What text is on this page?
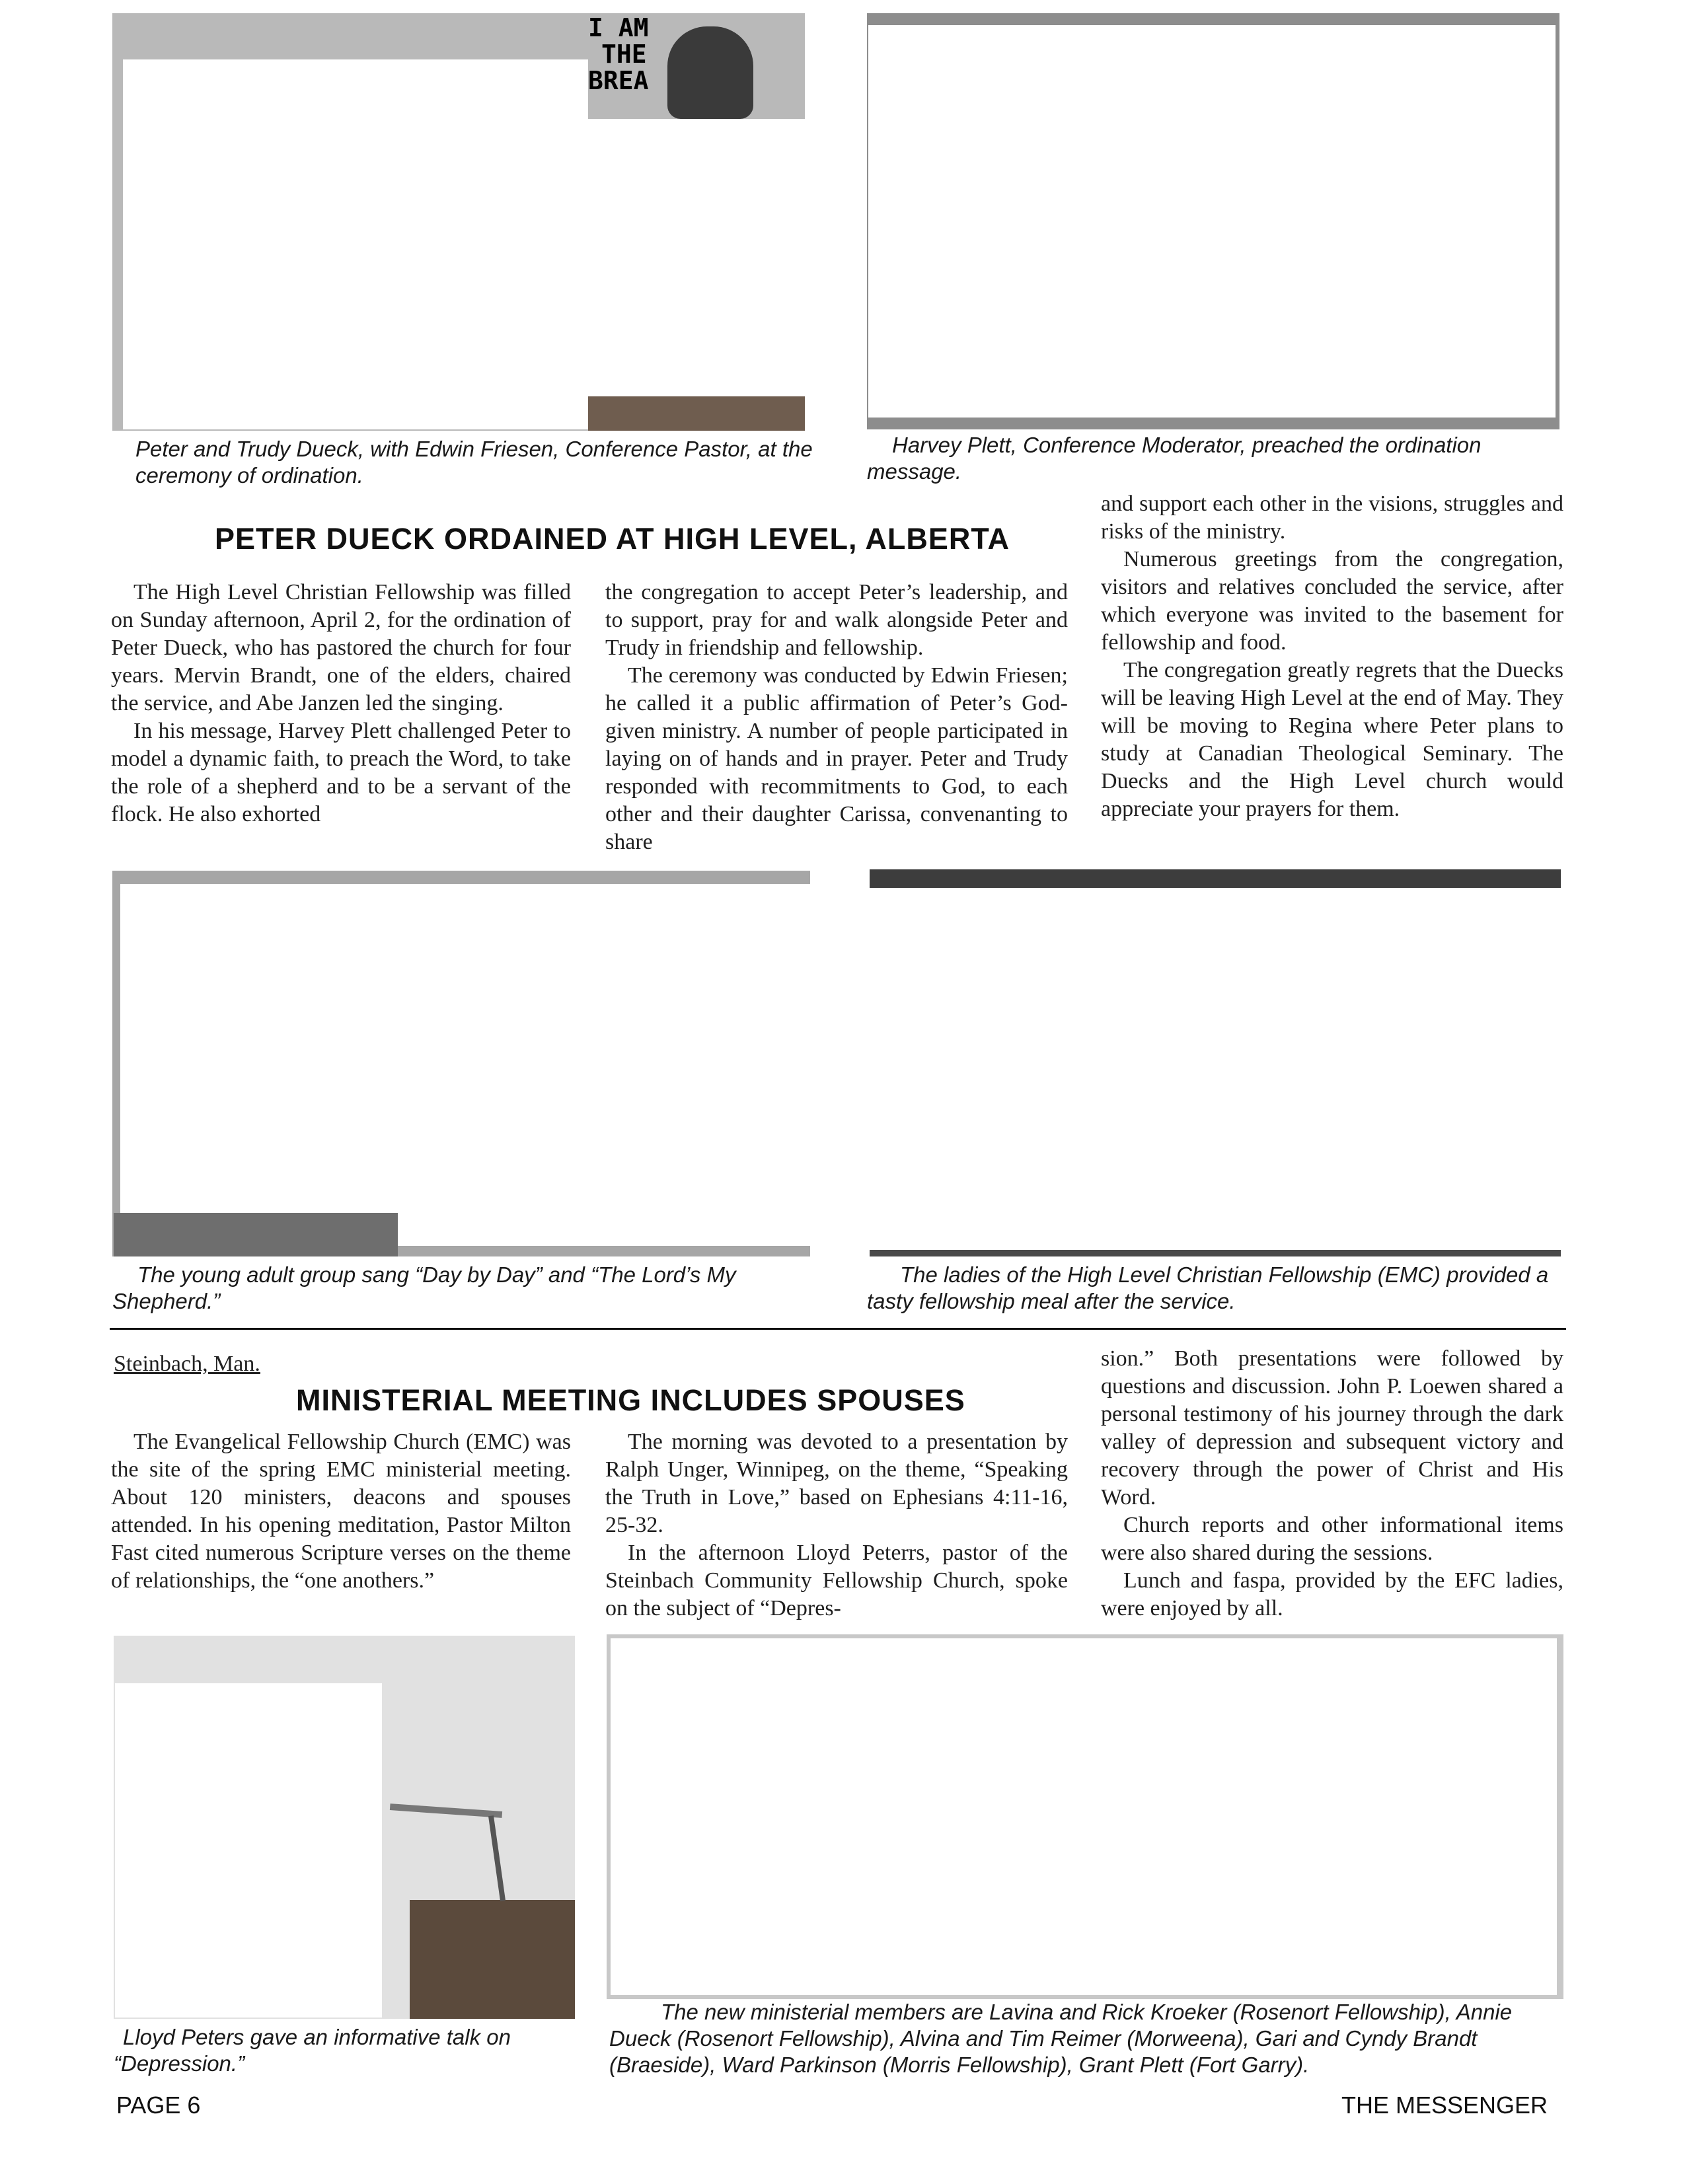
I AM
THE
BREA
Peter and Trudy Dueck, with Edwin Friesen, Conference Pastor, at the ceremony of ordination.
Harvey Plett, Conference Moderator, preached the ordination message.
PETER DUECK ORDAINED AT HIGH LEVEL, ALBERTA

The High Level Christian Fellowship was filled on Sunday afternoon, April 2, for the ordination of Peter Dueck, who has pastored the church for four years. Mervin Brandt, one of the elders, chaired the service, and Abe Janzen led the singing.

In his message, Harvey Plett challenged Peter to model a dynamic faith, to preach the Word, to take the role of a shepherd and to be a servant of the flock. He also exhorted

the congregation to accept Peter’s leadership, and to support, pray for and walk alongside Peter and Trudy in friendship and fellowship.

The ceremony was conducted by Edwin Friesen; he called it a public affirmation of Peter’s God-given ministry. A number of people participated in laying on of hands and in prayer. Peter and Trudy responded with recommitments to God, to each other and their daughter Carissa, convenanting to share

and support each other in the visions, struggles and risks of the ministry.

Numerous greetings from the congregation, visitors and relatives concluded the service, after which everyone was invited to the basement for fellowship and food.

The congregation greatly regrets that the Duecks will be leaving High Level at the end of May. They will be moving to Regina where Peter plans to study at Canadian Theological Seminary. The Duecks and the High Level church would appreciate your prayers for them.

The young adult group sang “Day by Day” and “The Lord’s My Shepherd.”
The ladies of the High Level Christian Fellowship (EMC) provided a tasty fellowship meal after the service.
Steinbach, Man.
MINISTERIAL MEETING INCLUDES SPOUSES

The Evangelical Fellowship Church (EMC) was the site of the spring EMC ministerial meeting. About 120 ministers, deacons and spouses attended. In his opening meditation, Pastor Milton Fast cited numerous Scripture verses on the theme of relationships, the “one anothers.”

The morning was devoted to a presentation by Ralph Unger, Winnipeg, on the theme, “Speaking the Truth in Love,” based on Ephesians 4:11-16, 25-32.

In the afternoon Lloyd Peterrs, pastor of the Steinbach Community Fellowship Church, spoke on the subject of “Depres-

sion.” Both presentations were followed by questions and discussion. John P. Loewen shared a personal testimony of his journey through the dark valley of depression and subsequent victory and recovery through the power of Christ and His Word.

Church reports and other informational items were also shared during the sessions.

Lunch and faspa, provided by the EFC ladies, were enjoyed by all.

Lloyd Peters gave an informative talk on “Depression.”
The new ministerial members are Lavina and Rick Kroeker (Rosenort Fellowship), Annie Dueck (Rosenort Fellowship), Alvina and Tim Reimer (Morweena), Gari and Cyndy Brandt (Braeside), Ward Parkinson (Morris Fellowship), Grant Plett (Fort Garry).
PAGE 6	THE MESSENGER
